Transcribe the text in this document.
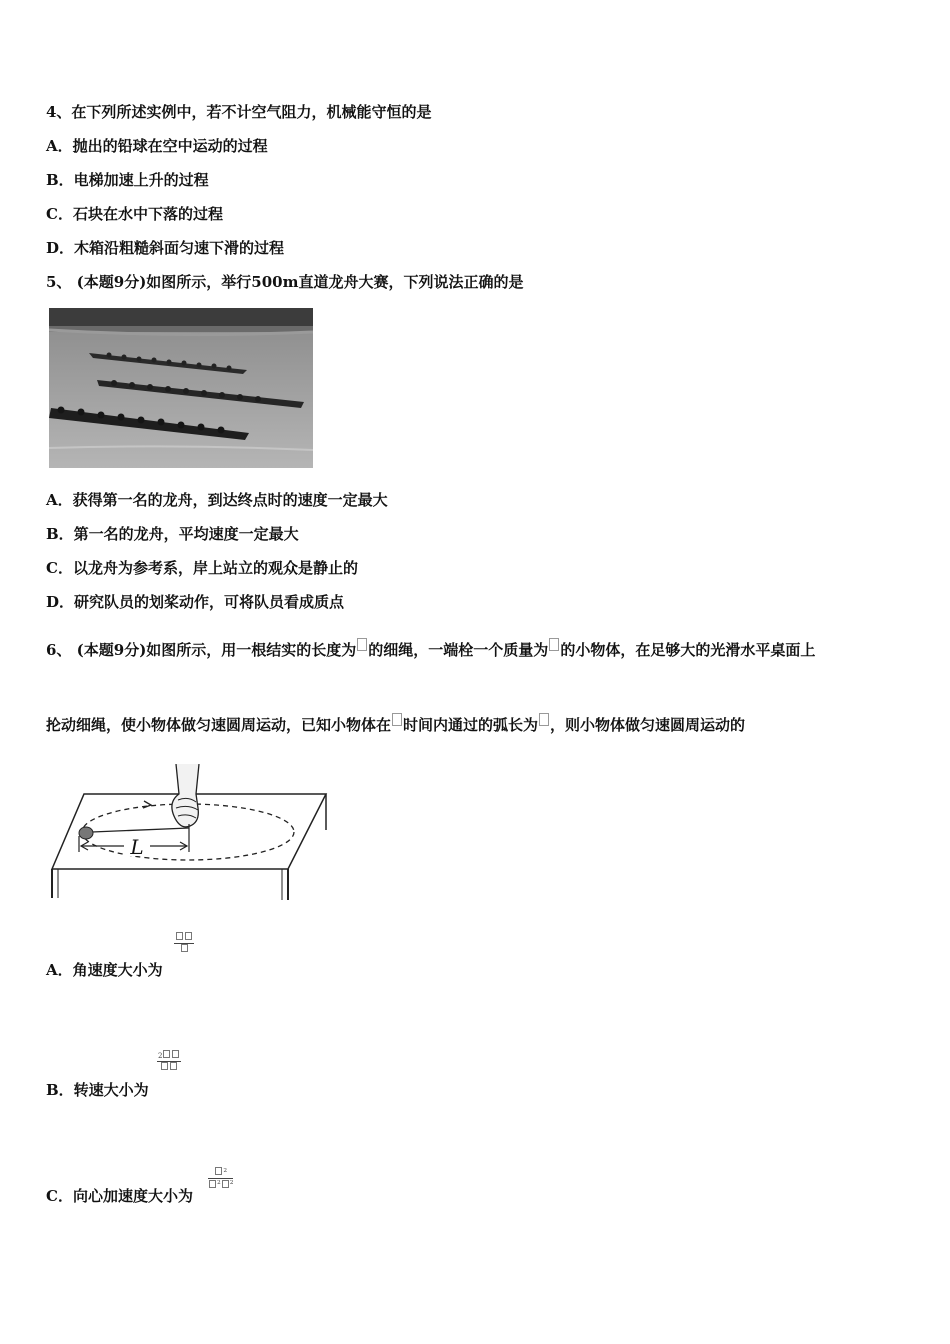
4、在下列所述实例中，若不计空气阻力，机械能守恒的是
A．抛出的铅球在空中运动的过程
B．电梯加速上升的过程
C．石块在水中下落的过程
D．木箱沿粗糙斜面匀速下滑的过程
5、 (本题9分)如图所示，举行500m直道龙舟大赛，下列说法正确的是
A．获得第一名的龙舟，到达终点时的速度一定最大
B．第一名的龙舟，平均速度一定最大
C．以龙舟为参考系，岸上站立的观众是静止的
D．研究队员的划桨动作，可将队员看成质点
6、 (本题9分)如图所示，用一根结实的长度为 的细绳，一端栓一个质量为 的小物体，在足够大的光滑水平桌面上
抡动细绳，使小物体做匀速圆周运动，已知小物体在 时间内通过的弧长为 ，则小物体做匀速圆周运动的
L
A．角速度大小为
B．转速大小为
2
C．向心加速度大小为
$\frac{^2}{^2 ^2}$
